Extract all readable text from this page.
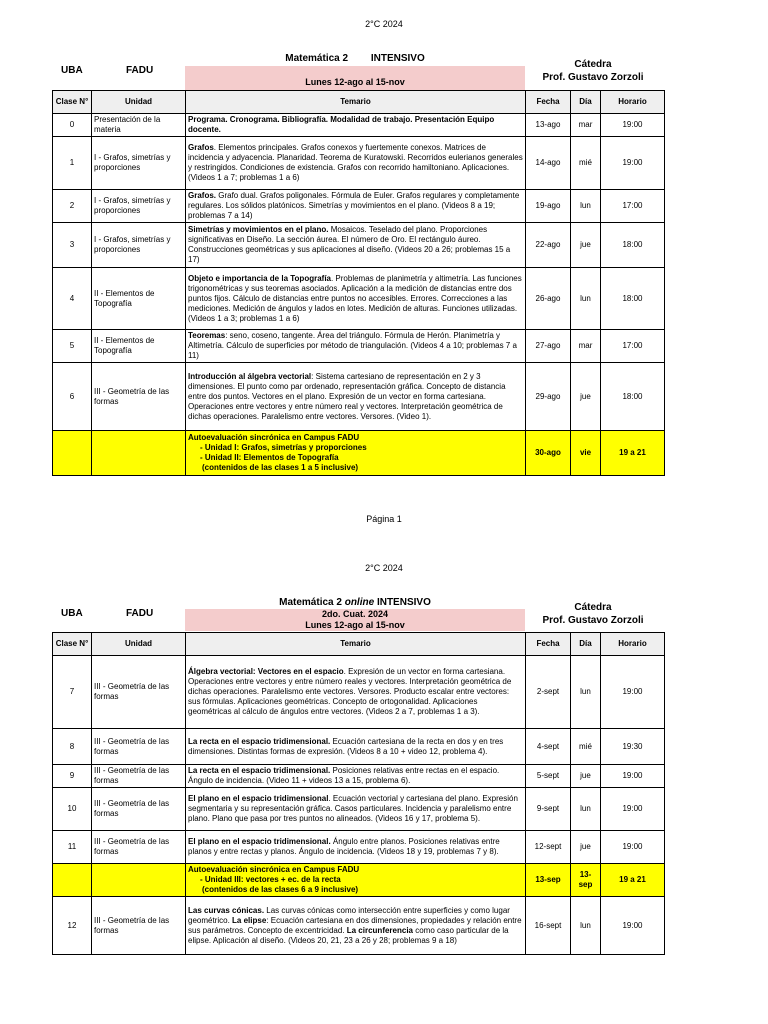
2°C 2024
UBA	FADU
Matemática 2 INTENSIVO
Lunes 12-ago al 15-nov
Cátedra
Prof. Gustavo Zorzoli
Clase N°	Unidad	Temario	Fecha	Día	Horario
0	Presentación de la materia	Programa. Cronograma. Bibliografía. Modalidad de trabajo. Presentación Equipo docente.	13-ago	mar	19:00
1	I - Grafos, simetrías y proporciones	Grafos. Elementos principales. Grafos conexos y fuertemente conexos. Matrices de incidencia y adyacencia. Planaridad. Teorema de Kuratowski. Recorridos eulerianos generales y restringidos. Condiciones de existencia. Grafos con recorrido hamiltoniano. Aplicaciones. (Videos 1 a 7; problemas 1 a 6)	14-ago	mié	19:00
2	I - Grafos, simetrías y proporciones	Grafos. Grafo dual. Grafos poligonales. Fórmula de Euler. Grafos regulares y completamente regulares. Los sólidos platónicos. Simetrías y movimientos en el plano. (Videos 8 a 19; problemas 7 a 14)	19-ago	lun	17:00
3	I - Grafos, simetrías y proporciones	Simetrías y movimientos en el plano. Mosaicos. Teselado del plano. Proporciones significativas en Diseño. La sección áurea. El número de Oro. El rectángulo áureo. Construcciones geométricas y sus aplicaciones al diseño. (Videos 20 a 26; problemas 15 a 17)	22-ago	jue	18:00
4	II - Elementos de Topografía	Objeto e importancia de la Topografía. Problemas de planimetría y altimetría. Las funciones trigonométricas y sus teoremas asociados. Aplicación a la medición de distancias entre dos puntos fijos. Cálculo de distancias entre puntos no accesibles. Errores. Correcciones a las mediciones. Medición de ángulos y lados en lotes. Medición de alturas. Funciones utilizadas. (Videos 1 a 3; problemas 1 a 6)	26-ago	lun	18:00
5	II - Elementos de Topografía	Teoremas: seno, coseno, tangente. Área del triángulo. Fórmula de Herón. Planimetría y Altimetría. Cálculo de superficies por método de triangulación. (Videos 4 a 10; problemas 7 a 11)	27-ago	mar	17:00
6	III - Geometría de las formas	Introducción al álgebra vectorial: Sistema cartesiano de representación en 2 y 3 dimensiones. El punto como par ordenado, representación gráfica. Concepto de distancia entre dos puntos. Vectores en el plano. Expresión de un vector en forma cartesiana. Operaciones entre vectores y entre número real y vectores. Interpretación geométrica de dichas operaciones. Paralelismo entre vectores. Versores. (Video 1).	29-ago	jue	18:00
		Autoevaluación sincrónica en Campus FADU
- Unidad I: Grafos, simetrías y proporciones
- Unidad II: Elementos de Topografía
(contenidos de las clases 1 a 5 inclusive)	30-ago	vie	19 a 21
Página 1
2°C 2024
UBA	FADU
Matemática 2 online INTENSIVO
2do. Cuat. 2024
Lunes 12-ago al 15-nov
Cátedra
Prof. Gustavo Zorzoli
Clase N°	Unidad	Temario	Fecha	Día	Horario
7	III - Geometría de las formas	Álgebra vectorial: Vectores en el espacio. Expresión de un vector en forma cartesiana. Operaciones entre vectores y entre número reales y vectores. Interpretación geométrica de dichas operaciones. Paralelismo ente vectores. Versores. Producto escalar entre vectores: sus fórmulas. Aplicaciones geométricas. Concepto de ortogonalidad. Aplicaciones geométricas al cálculo de ángulos entre vectores. (Videos 2 a 7, problemas 1 a 3).	2-sept	lun	19:00
8	III - Geometría de las formas	La recta en el espacio tridimensional. Ecuación cartesiana de la recta en dos y en tres dimensiones. Distintas formas de expresión. (Videos 8 a 10 + video 12, problema 4).	4-sept	mié	19:30
9	III - Geometría de las formas	La recta en el espacio tridimensional. Posiciones relativas entre rectas en el espacio. Ángulo de incidencia. (Video 11 + videos 13 a 15, problema 6).	5-sept	jue	19:00
10	III - Geometría de las formas	El plano en el espacio tridimensional. Ecuación vectorial y cartesiana del plano. Expresión segmentaria y su representación gráfica. Casos particulares. Incidencia y paralelismo entre plano. Plano que pasa por tres puntos no alineados. (Videos 16 y 17, problema 5).	9-sept	lun	19:00
11	III - Geometría de las formas	El plano en el espacio tridimensional. Ángulo entre planos. Posiciones relativas entre planos y entre rectas y planos. Ángulo de incidencia. (Videos 18 y 19, problemas 7 y 8).	12-sept	jue	19:00
		Autoevaluación sincrónica en Campus FADU
- Unidad III: vectores + ec. de la recta
(contenidos de las clases 6 a 9 inclusive)	13-sep	13-sep	19 a 21
12	III - Geometría de las formas	Las curvas cónicas. Las curvas cónicas como intersección entre superficies y como lugar geométrico. La elipse: Ecuación cartesiana en dos dimensiones, propiedades y relación entre sus parámetros. Concepto de excentricidad. La circunferencia como caso particular de la elipse. Aplicación al diseño. (Videos 20, 21, 23 a 26 y 28; problemas 9 a 18)	16-sept	lun	19:00
